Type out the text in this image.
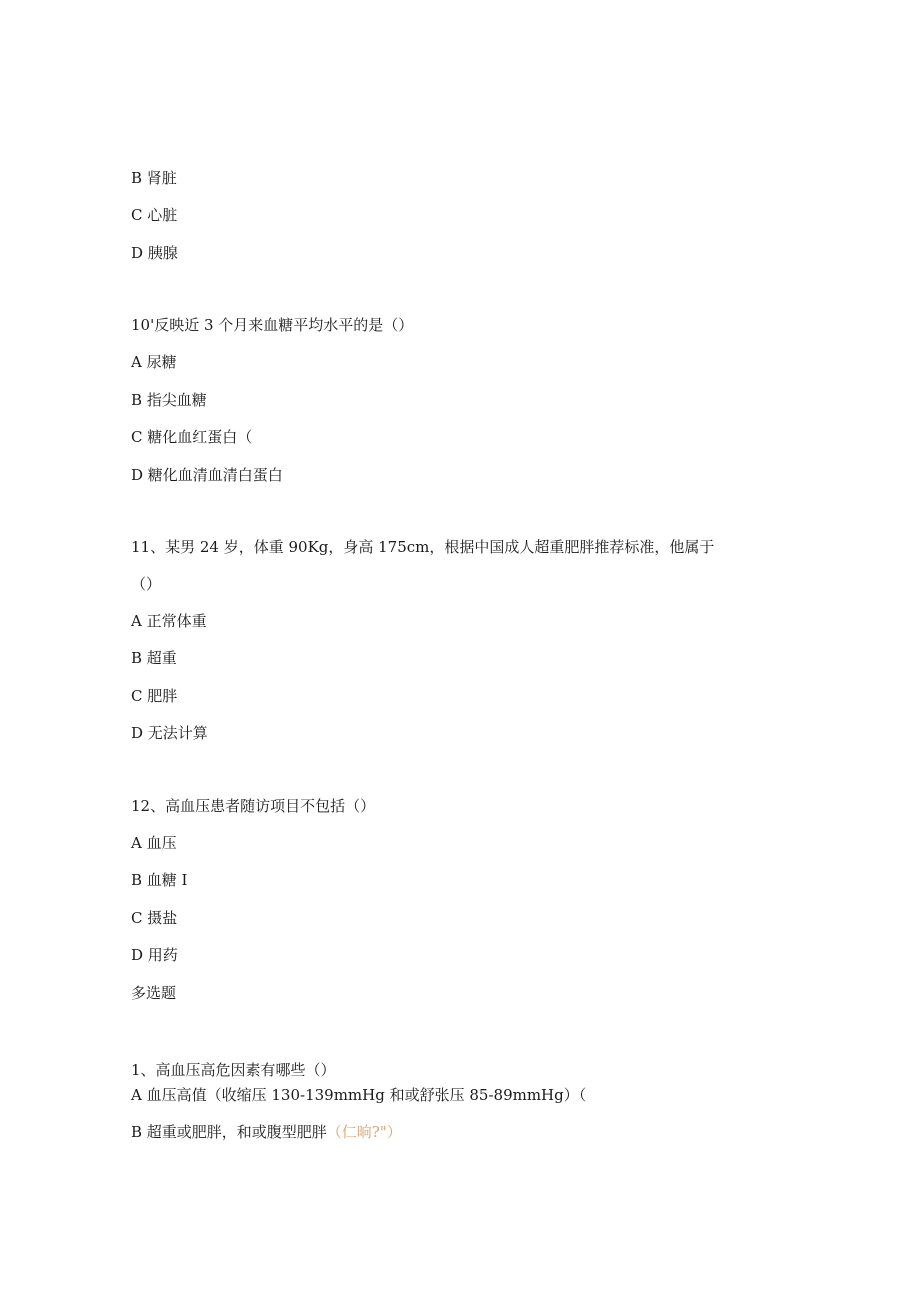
B 肾脏
C 心脏
D 胰腺
10'反映近 3 个月来血糖平均水平的是（）
A 尿糖
B 指尖血糖
C 糖化血红蛋白（
D 糖化血清血清白蛋白
11、某男 24 岁，体重 90Kg，身高 175cm，根据中国成人超重肥胖推荐标准，他属于
（）
A 正常体重
B 超重
C 肥胖
D 无法计算
12、高血压患者随访项目不包括（）
A 血压
B 血糖 I
C 摄盐
D 用药
多选题
1、高血压高危因素有哪些（）
A 血压高值（收缩压 130-139mmHg 和或舒张压 85-89mmHg）（
B 超重或肥胖，和或腹型肥胖（仁晌?"）
